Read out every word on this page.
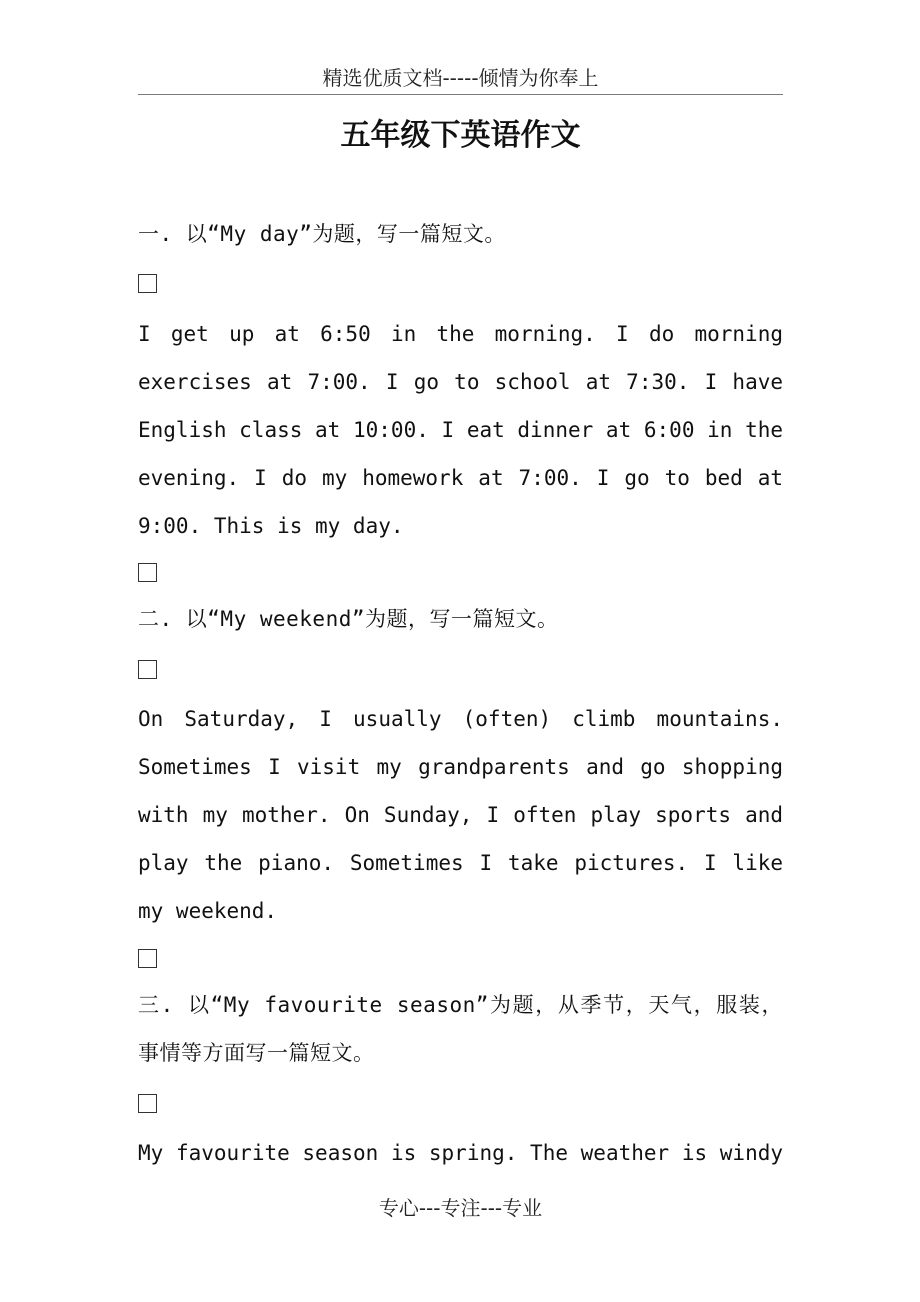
精选优质文档-----倾情为你奉上
五年级下英语作文

一. 以“My day”为题，写一篇短文。

I get up at 6:50 in the morning. I do morning exercises at 7:00. I go to school at 7:30. I have English class at 10:00. I eat dinner at 6:00 in the evening. I do my homework at 7:00. I go to bed at 9:00. This is my day.

二. 以“My weekend”为题，写一篇短文。

On Saturday, I usually (often) climb mountains. Sometimes I visit my grandparents and go shopping with my mother. On Sunday, I often play sports and play the piano. Sometimes I take pictures. I like my weekend.

三. 以“My favourite season”为题，从季节，天气，服装，事情等方面写一篇短文。

My favourite season is spring. The weather is windy

专心---专注---专业
